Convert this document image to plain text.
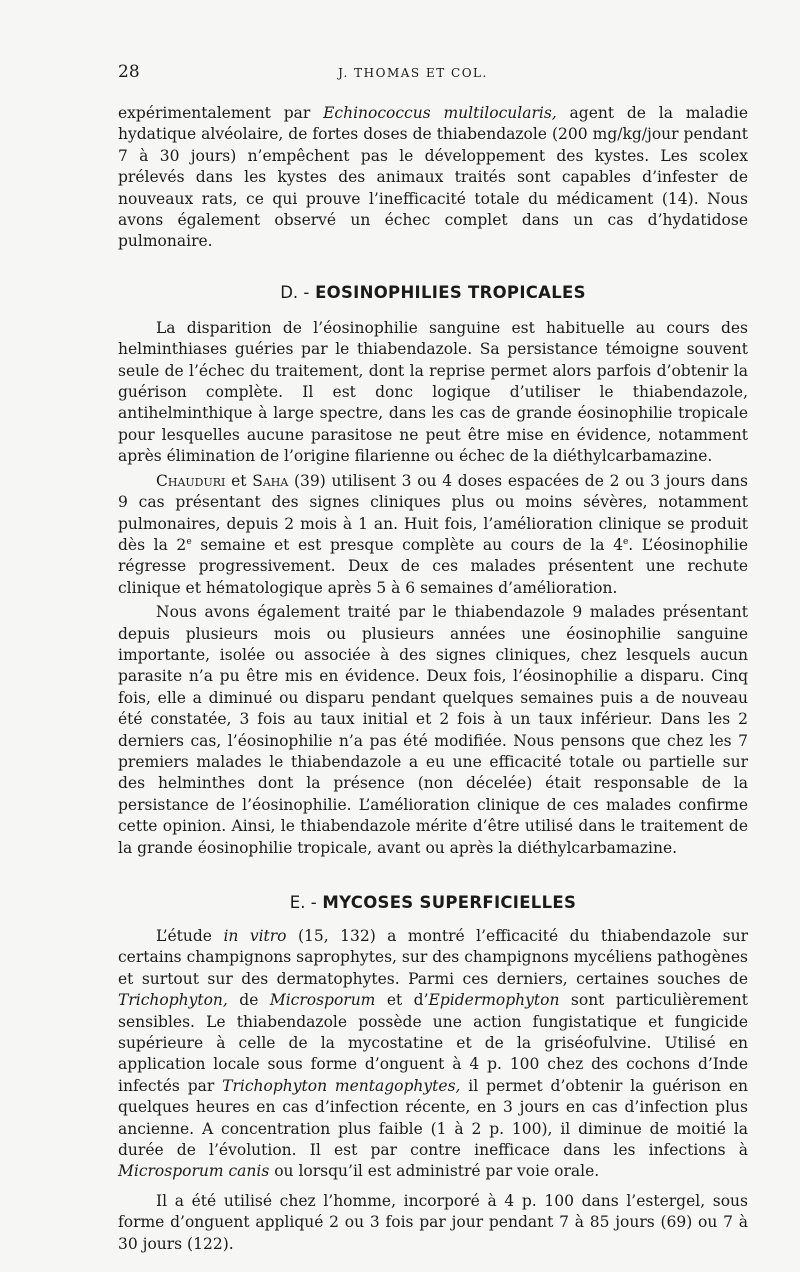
28	J. THOMAS ET COL.

expérimentalement par Echinococcus multilocularis, agent de la maladie hydatique alvéolaire, de fortes doses de thiabendazole (200 mg/kg/jour pendant 7 à 30 jours) n’empêchent pas le développement des kystes. Les scolex prélevés dans les kystes des animaux traités sont capables d’infester de nouveaux rats, ce qui prouve l’inefficacité totale du médicament (14). Nous avons également observé un échec complet dans un cas d’hydatidose pulmonaire.

D. - EOSINOPHILIES TROPICALES

La disparition de l’éosinophilie sanguine est habituelle au cours des helminthiases guéries par le thiabendazole. Sa persistance témoigne souvent seule de l’échec du traitement, dont la reprise permet alors parfois d’obtenir la guérison complète. Il est donc logique d’utiliser le thiabendazole, antihelminthique à large spectre, dans les cas de grande éosinophilie tropicale pour lesquelles aucune parasitose ne peut être mise en évidence, notamment après élimination de l’origine filarienne ou échec de la diéthylcarbamazine.

Chauduri et Saha (39) utilisent 3 ou 4 doses espacées de 2 ou 3 jours dans 9 cas présentant des signes cliniques plus ou moins sévères, notamment pulmonaires, depuis 2 mois à 1 an. Huit fois, l’amélioration clinique se produit dès la 2e semaine et est presque complète au cours de la 4e. L’éosinophilie régresse progressivement. Deux de ces malades présentent une rechute clinique et hématologique après 5 à 6 semaines d’amélioration.

Nous avons également traité par le thiabendazole 9 malades présentant depuis plusieurs mois ou plusieurs années une éosinophilie sanguine importante, isolée ou associée à des signes cliniques, chez lesquels aucun parasite n’a pu être mis en évidence. Deux fois, l’éosinophilie a disparu. Cinq fois, elle a diminué ou disparu pendant quelques semaines puis a de nouveau été constatée, 3 fois au taux initial et 2 fois à un taux inférieur. Dans les 2 derniers cas, l’éosinophilie n’a pas été modifiée. Nous pensons que chez les 7 premiers malades le thiabendazole a eu une efficacité totale ou partielle sur des helminthes dont la présence (non décelée) était responsable de la persistance de l’éosinophilie. L’amélioration clinique de ces malades confirme cette opinion. Ainsi, le thiabendazole mérite d’être utilisé dans le traitement de la grande éosinophilie tropicale, avant ou après la diéthylcarbamazine.

E. - MYCOSES SUPERFICIELLES

L’étude in vitro (15, 132) a montré l’efficacité du thiabendazole sur certains champignons saprophytes, sur des champignons mycéliens pathogènes et surtout sur des dermatophytes. Parmi ces derniers, certaines souches de Trichophyton, de Microsporum et d’Epidermophyton sont particulièrement sensibles. Le thiabendazole possède une action fungistatique et fungicide supérieure à celle de la mycostatine et de la griséofulvine. Utilisé en application locale sous forme d’onguent à 4 p. 100 chez des cochons d’Inde infectés par Trichophyton mentagophytes, il permet d’obtenir la guérison en quelques heures en cas d’infection récente, en 3 jours en cas d’infection plus ancienne. A concentration plus faible (1 à 2 p. 100), il diminue de moitié la durée de l’évolution. Il est par contre inefficace dans les infections à Microsporum canis ou lorsqu’il est administré par voie orale.

Il a été utilisé chez l’homme, incorporé à 4 p. 100 dans l’estergel, sous forme d’onguent appliqué 2 ou 3 fois par jour pendant 7 à 85 jours (69) ou 7 à 30 jours (122).
